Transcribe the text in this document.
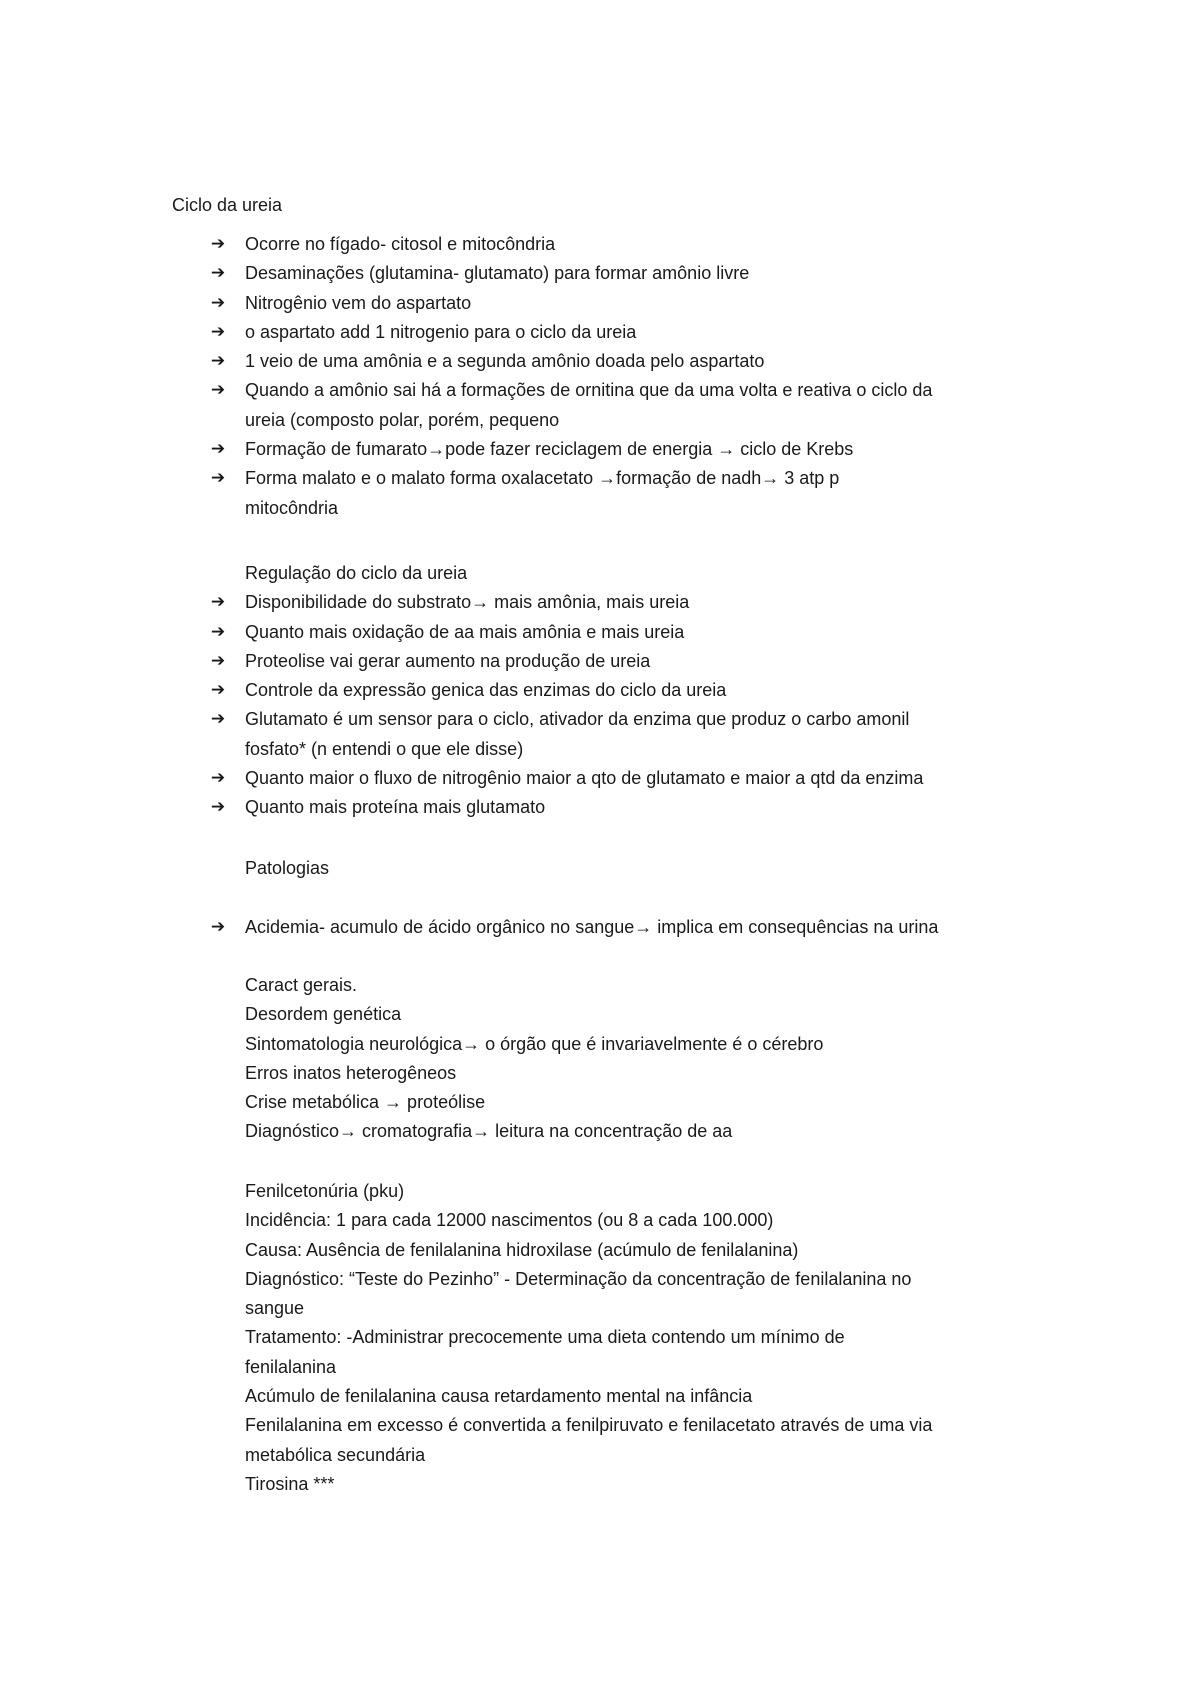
Ciclo da ureia
➔ Ocorre no fígado- citosol e mitocôndria
➔ Desaminações (glutamina- glutamato) para formar amônio livre
➔ Nitrogênio vem do aspartato
➔ o aspartato add 1 nitrogenio para o ciclo da ureia
➔ 1 veio de uma amônia e a segunda amônio doada pelo aspartato
➔ Quando a amônio sai há a formações de ornitina que da uma volta e reativa o ciclo da
ureia (composto polar, porém, pequeno
➔ Formação de fumarato→pode fazer reciclagem de energia → ciclo de Krebs
➔ Forma malato e o malato forma oxalacetato →formação de nadh→ 3 atp p
mitocôndria
Regulação do ciclo da ureia
➔ Disponibilidade do substrato→ mais amônia, mais ureia
➔ Quanto mais oxidação de aa mais amônia e mais ureia
➔ Proteolise vai gerar aumento na produção de ureia
➔ Controle da expressão genica das enzimas do ciclo da ureia
➔ Glutamato é um sensor para o ciclo, ativador da enzima que produz o carbo amonil
fosfato* (n entendi o que ele disse)
➔ Quanto maior o fluxo de nitrogênio maior a qto de glutamato e maior a qtd da enzima
➔ Quanto mais proteína mais glutamato
Patologias
➔ Acidemia- acumulo de ácido orgânico no sangue→ implica em consequências na urina
Caract gerais.
Desordem genética
Sintomatologia neurológica→ o órgão que é invariavelmente é o cérebro
Erros inatos heterogêneos
Crise metabólica → proteólise
Diagnóstico→ cromatografia→ leitura na concentração de aa
Fenilcetonúria (pku)
Incidência: 1 para cada 12000 nascimentos (ou 8 a cada 100.000)
Causa: Ausência de fenilalanina hidroxilase (acúmulo de fenilalanina)
Diagnóstico: “Teste do Pezinho” - Determinação da concentração de fenilalanina no
sangue
Tratamento: -Administrar precocemente uma dieta contendo um mínimo de
fenilalanina
Acúmulo de fenilalanina causa retardamento mental na infância
Fenilalanina em excesso é convertida a fenilpiruvato e fenilacetato através de uma via
metabólica secundária
Tirosina ***
